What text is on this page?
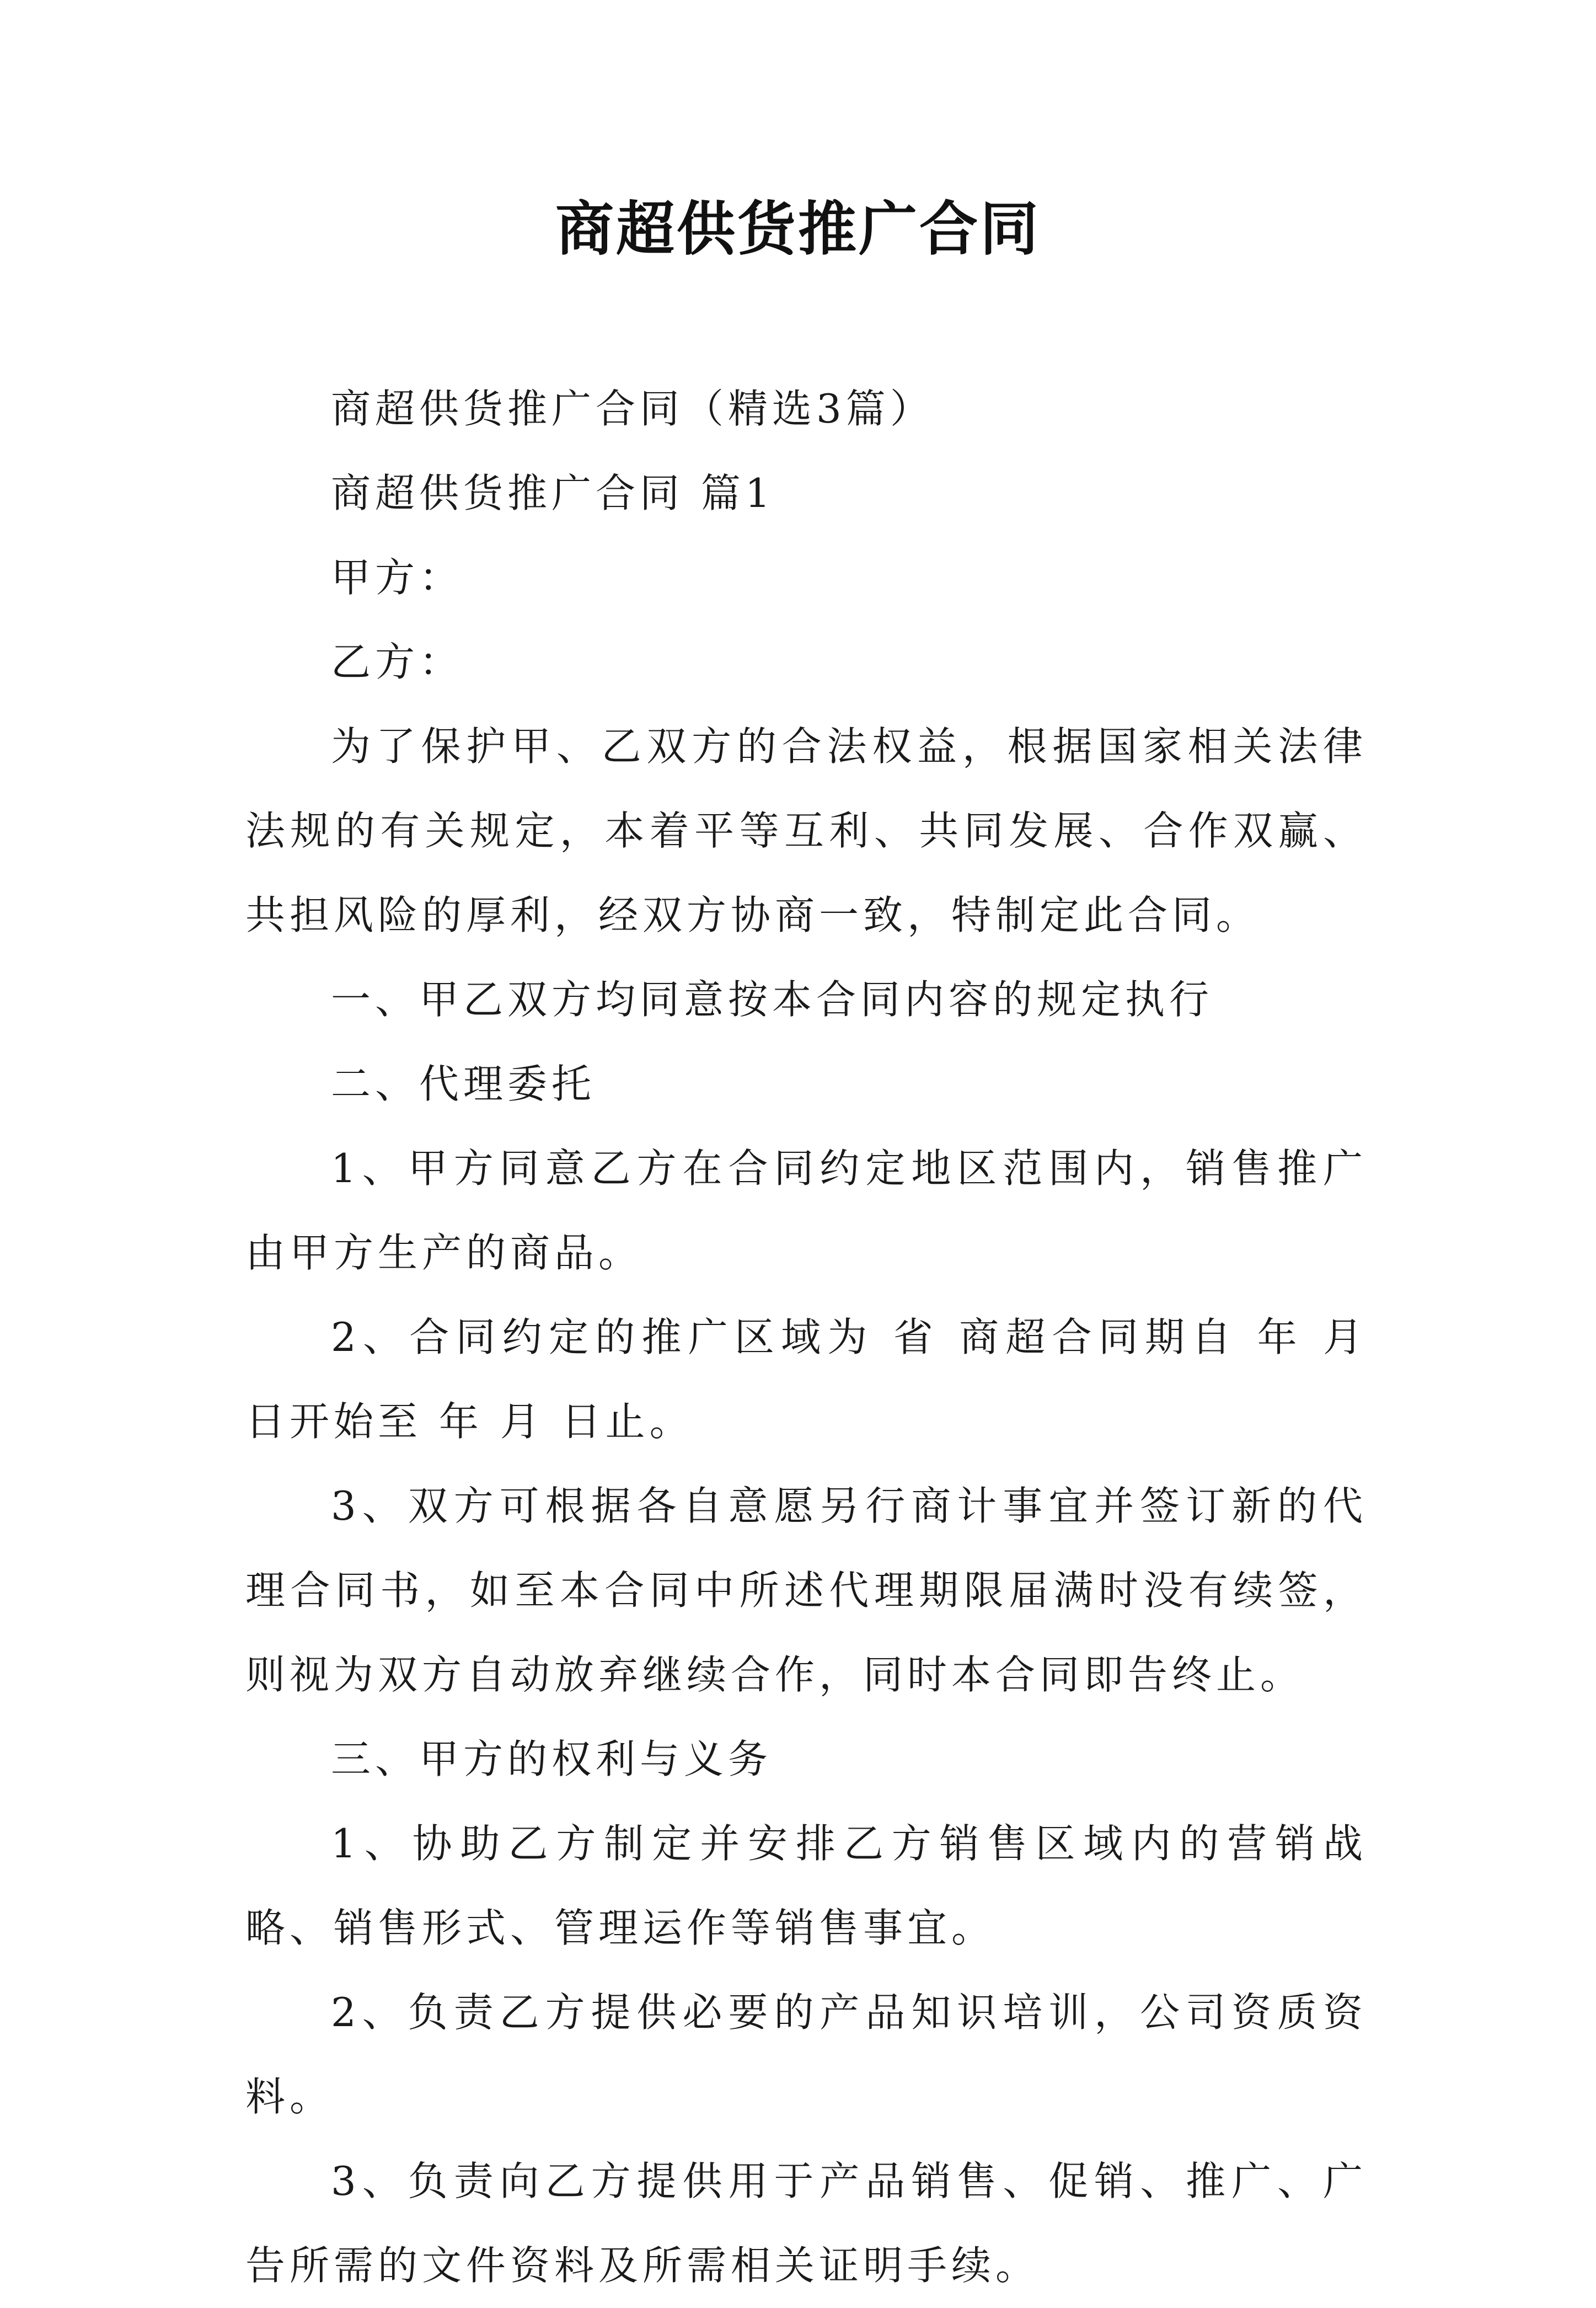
商超供货推广合同

商超供货推广合同（精选3篇）

商超供货推广合同 篇1

甲方：

乙方：

为了保护甲、乙双方的合法权益，根据国家相关法律法规的有关规定，本着平等互利、共同发展、合作双赢、共担风险的厚利，经双方协商一致，特制定此合同。

一、甲乙双方均同意按本合同内容的规定执行

二、代理委托

1、甲方同意乙方在合同约定地区范围内，销售推广由甲方生产的商品。

2、合同约定的推广区域为 省 商超合同期自 年 月 日开始至 年 月 日止。

3、双方可根据各自意愿另行商计事宜并签订新的代理合同书，如至本合同中所述代理期限届满时没有续签，则视为双方自动放弃继续合作，同时本合同即告终止。

三、甲方的权利与义务

1、协助乙方制定并安排乙方销售区域内的营销战略、销售形式、管理运作等销售事宜。

2、负责乙方提供必要的产品知识培训，公司资质资料。

3、负责向乙方提供用于产品销售、促销、推广、广告所需的文件资料及所需相关证明手续。
